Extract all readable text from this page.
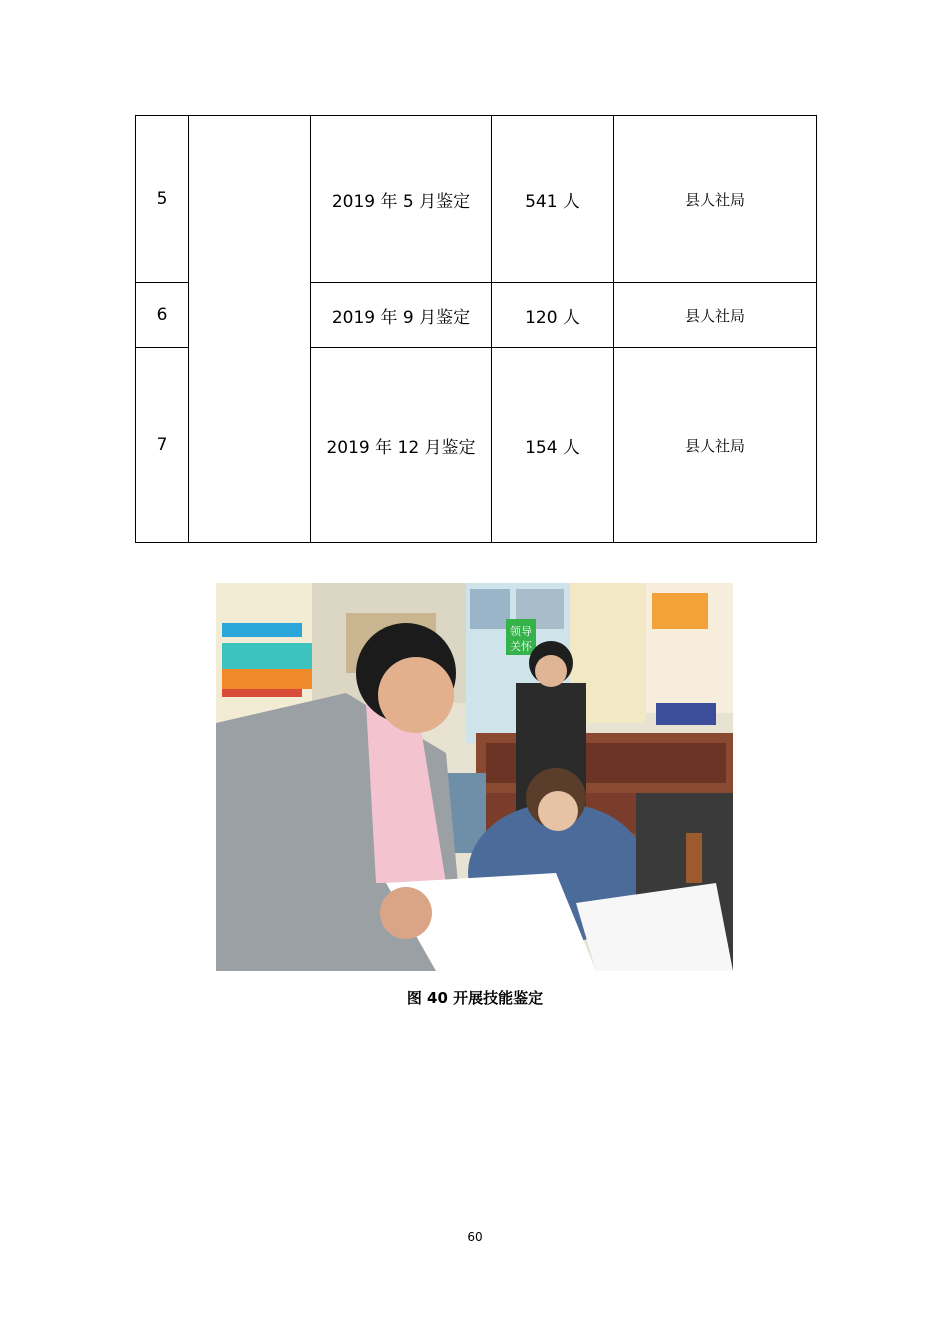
5		2019 年 5 月鉴定	541 人	县人社局
6		2019 年 9 月鉴定	120 人	县人社局
7		2019 年 12 月鉴定	154 人	县人社局
领导
关怀
图 40 开展技能鉴定
60
